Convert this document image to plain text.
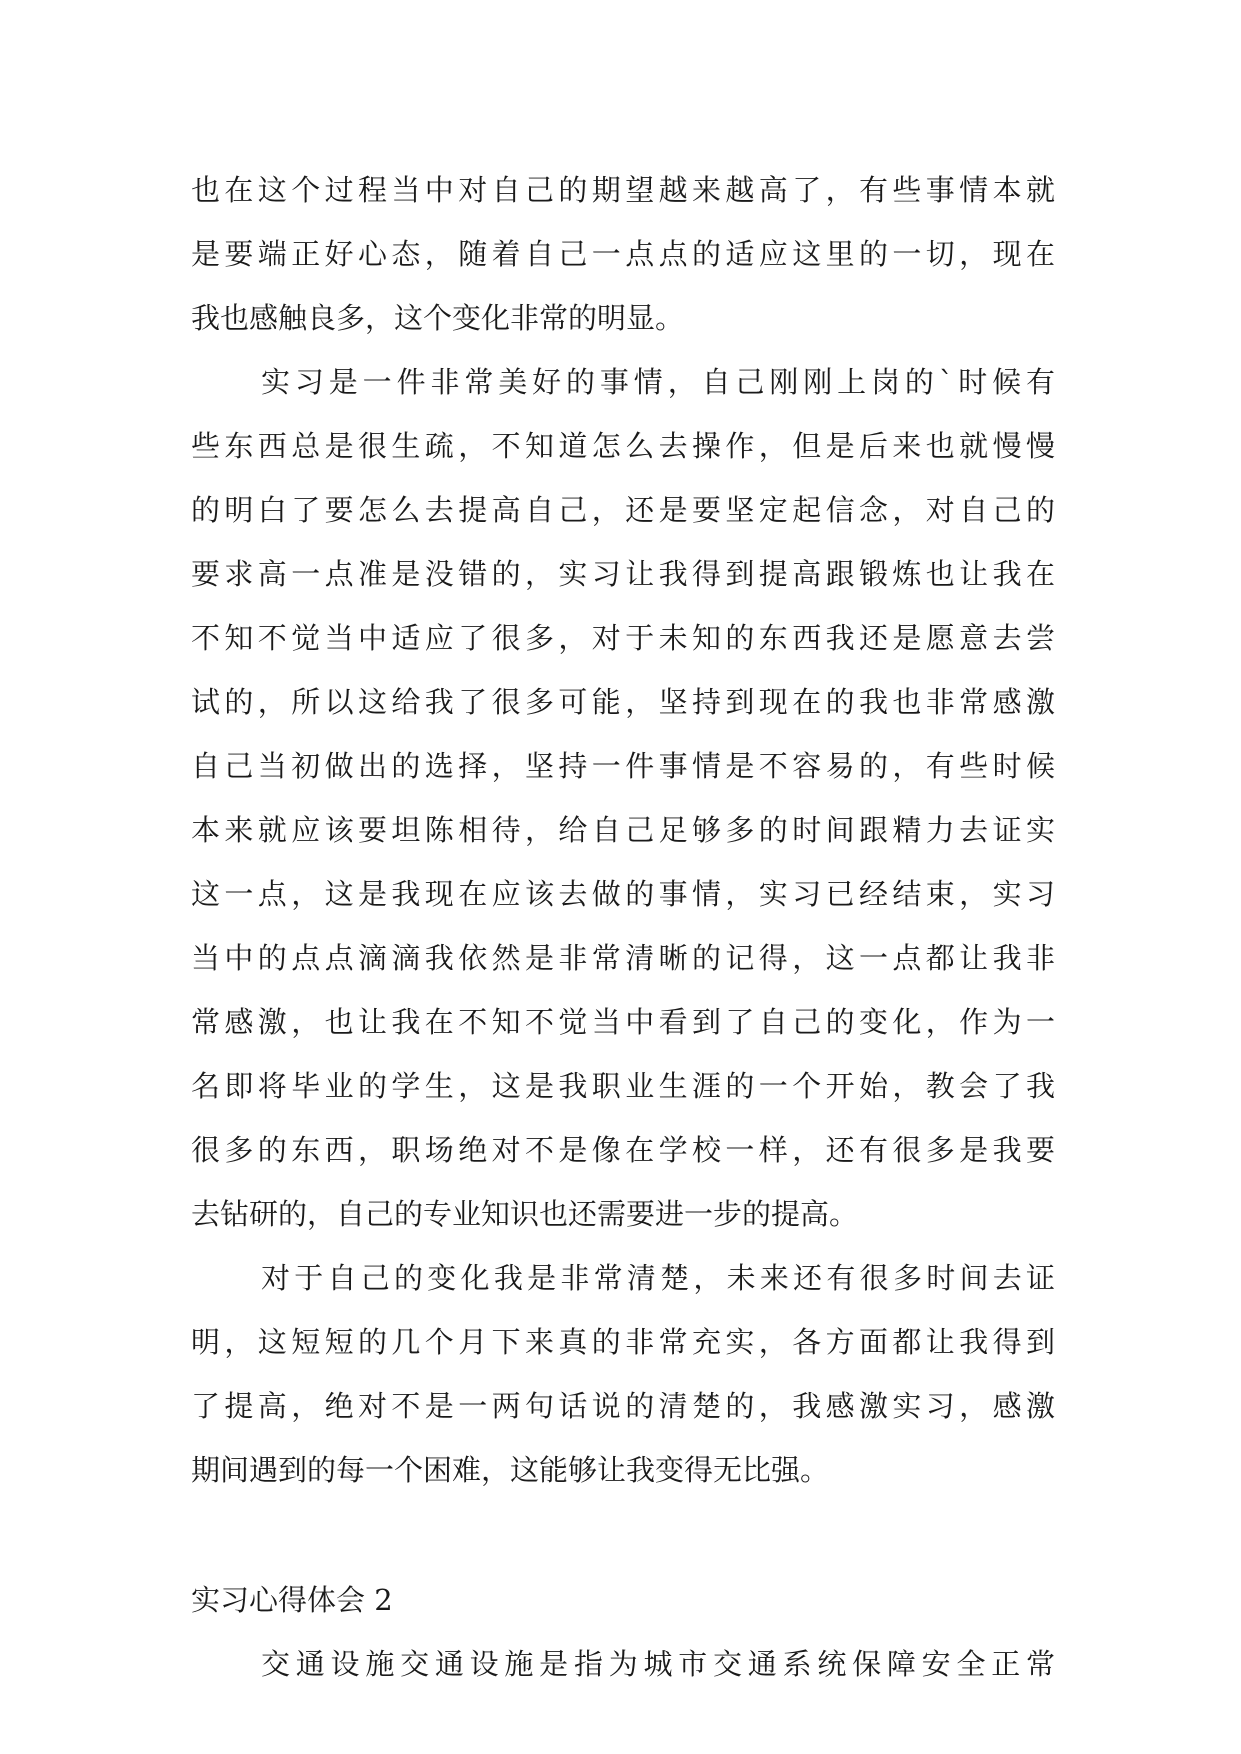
也在这个过程当中对自己的期望越来越高了，有些事情本就
是要端正好心态，随着自己一点点的适应这里的一切，现在
我也感触良多，这个变化非常的明显。
实习是一件非常美好的事情，自己刚刚上岗的`时候有
些东西总是很生疏，不知道怎么去操作，但是后来也就慢慢
的明白了要怎么去提高自己，还是要坚定起信念，对自己的
要求高一点准是没错的，实习让我得到提高跟锻炼也让我在
不知不觉当中适应了很多，对于未知的东西我还是愿意去尝
试的，所以这给我了很多可能，坚持到现在的我也非常感激
自己当初做出的选择，坚持一件事情是不容易的，有些时候
本来就应该要坦陈相待，给自己足够多的时间跟精力去证实
这一点，这是我现在应该去做的事情，实习已经结束，实习
当中的点点滴滴我依然是非常清晰的记得，这一点都让我非
常感激，也让我在不知不觉当中看到了自己的变化，作为一
名即将毕业的学生，这是我职业生涯的一个开始，教会了我
很多的东西，职场绝对不是像在学校一样，还有很多是我要
去钻研的，自己的专业知识也还需要进一步的提高。
对于自己的变化我是非常清楚，未来还有很多时间去证
明，这短短的几个月下来真的非常充实，各方面都让我得到
了提高，绝对不是一两句话说的清楚的，我感激实习，感激
期间遇到的每一个困难，这能够让我变得无比强。
实习心得体会 2
交通设施交通设施是指为城市交通系统保障安全正常
